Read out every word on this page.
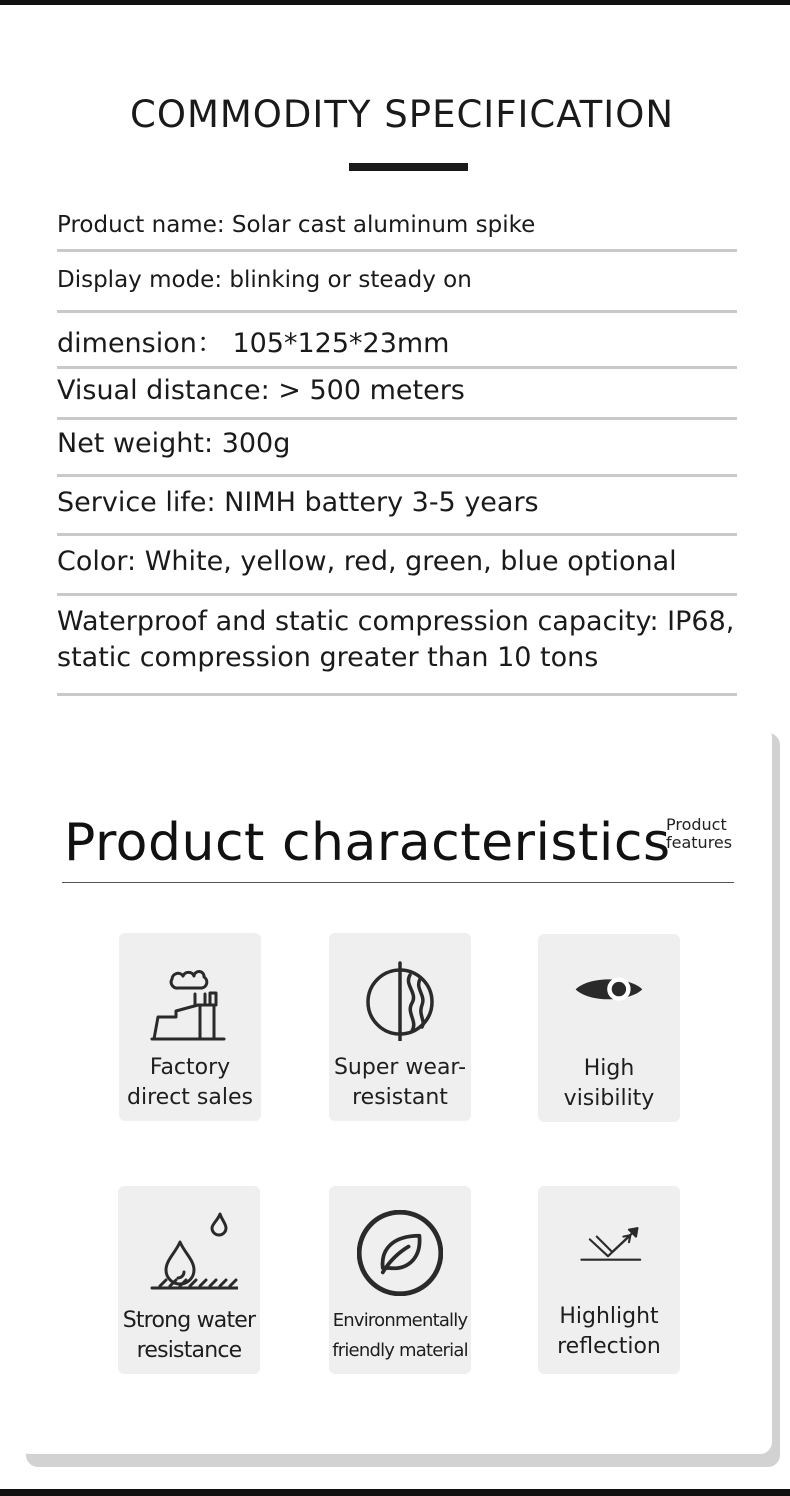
COMMODITY SPECIFICATION
Product name: Solar cast aluminum spike
Display mode: blinking or steady on
dimension： 105*125*23mm
Visual distance: > 500 meters
Net weight: 300g
Service life: NIMH battery 3-5 years
Color: White, yellow, red, green, blue optional
Waterproof and static compression capacity: IP68,
static compression greater than 10 tons
Product characteristics
Product
features
Factory
direct sales
Super wear-
resistant
High
visibility
Strong water
resistance
Environmentally
friendly material
Highlight
reflection
